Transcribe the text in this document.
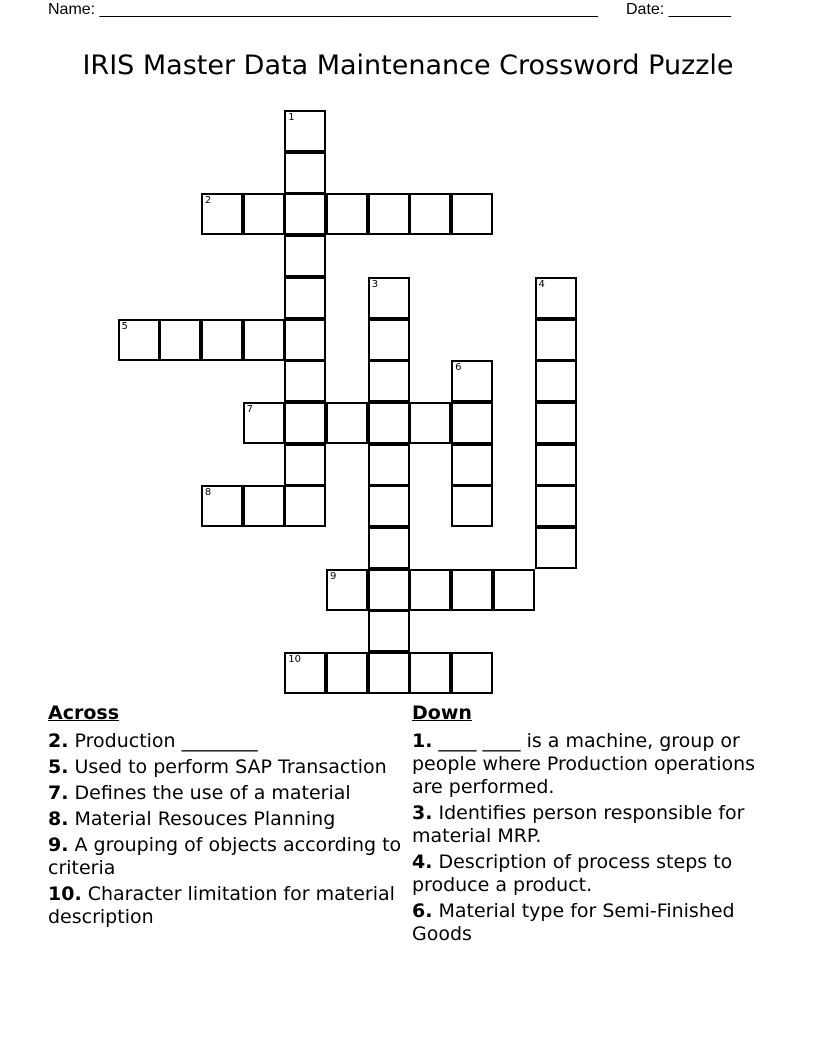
Name: ________________________________________________________ Date: _______
IRIS Master Data Maintenance Crossword Puzzle
1
2
3	4
5
6
7
8
9
10
Across
2. Production ________
5. Used to perform SAP Transaction
7. Defines the use of a material
8. Material Resouces Planning
9. A grouping of objects according to criteria
10. Character limitation for material description
Down
1. ____ ____ is a machine, group or people where Production operations are performed.
3. Identifies person responsible for material MRP.
4. Description of process steps to produce a product.
6. Material type for Semi-Finished Goods
